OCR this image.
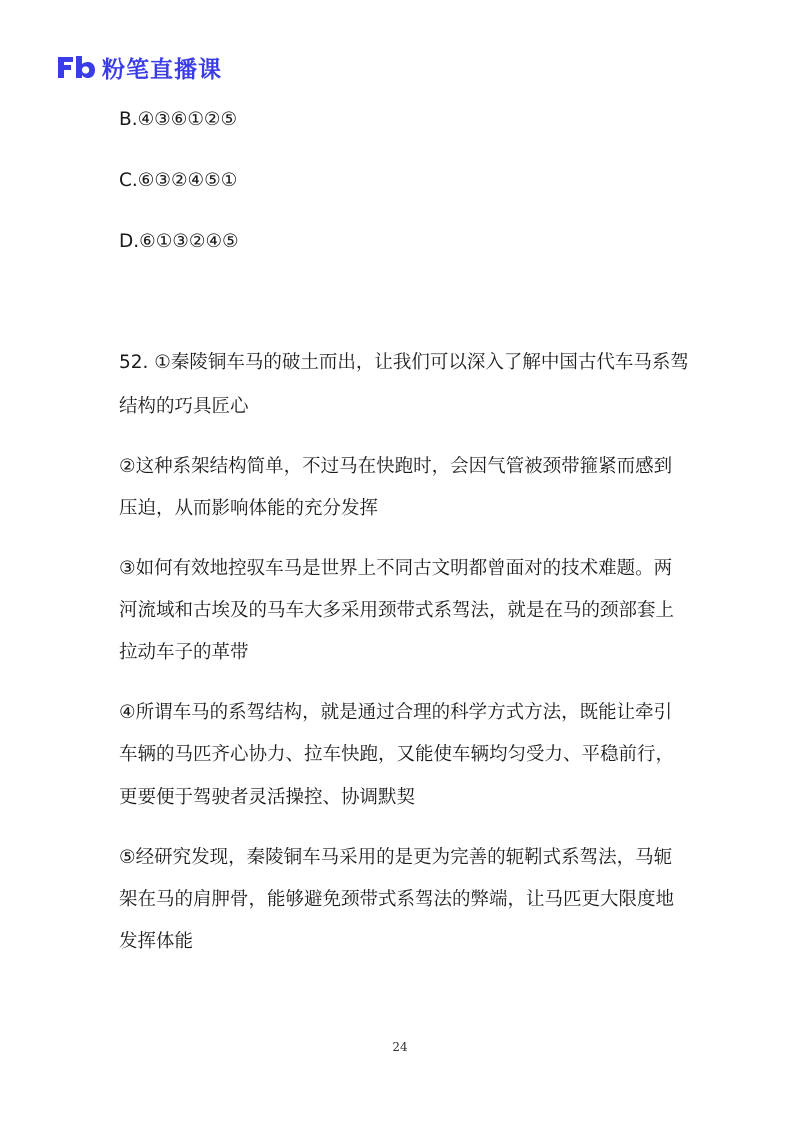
粉笔直播课
B.④③⑥①②⑤
C.⑥③②④⑤①
D.⑥①③②④⑤
52. ①秦陵铜车马的破土而出，让我们可以深入了解中国古代车马系驾
结构的巧具匠心
②这种系架结构简单，不过马在快跑时，会因气管被颈带箍紧而感到
压迫，从而影响体能的充分发挥
③如何有效地控驭车马是世界上不同古文明都曾面对的技术难题。两
河流域和古埃及的马车大多采用颈带式系驾法，就是在马的颈部套上
拉动车子的革带
④所谓车马的系驾结构，就是通过合理的科学方式方法，既能让牵引
车辆的马匹齐心协力、拉车快跑，又能使车辆均匀受力、平稳前行，
更要便于驾驶者灵活操控、协调默契
⑤经研究发现，秦陵铜车马采用的是更为完善的轭靷式系驾法，马轭
架在马的肩胛骨，能够避免颈带式系驾法的弊端，让马匹更大限度地
发挥体能
24
